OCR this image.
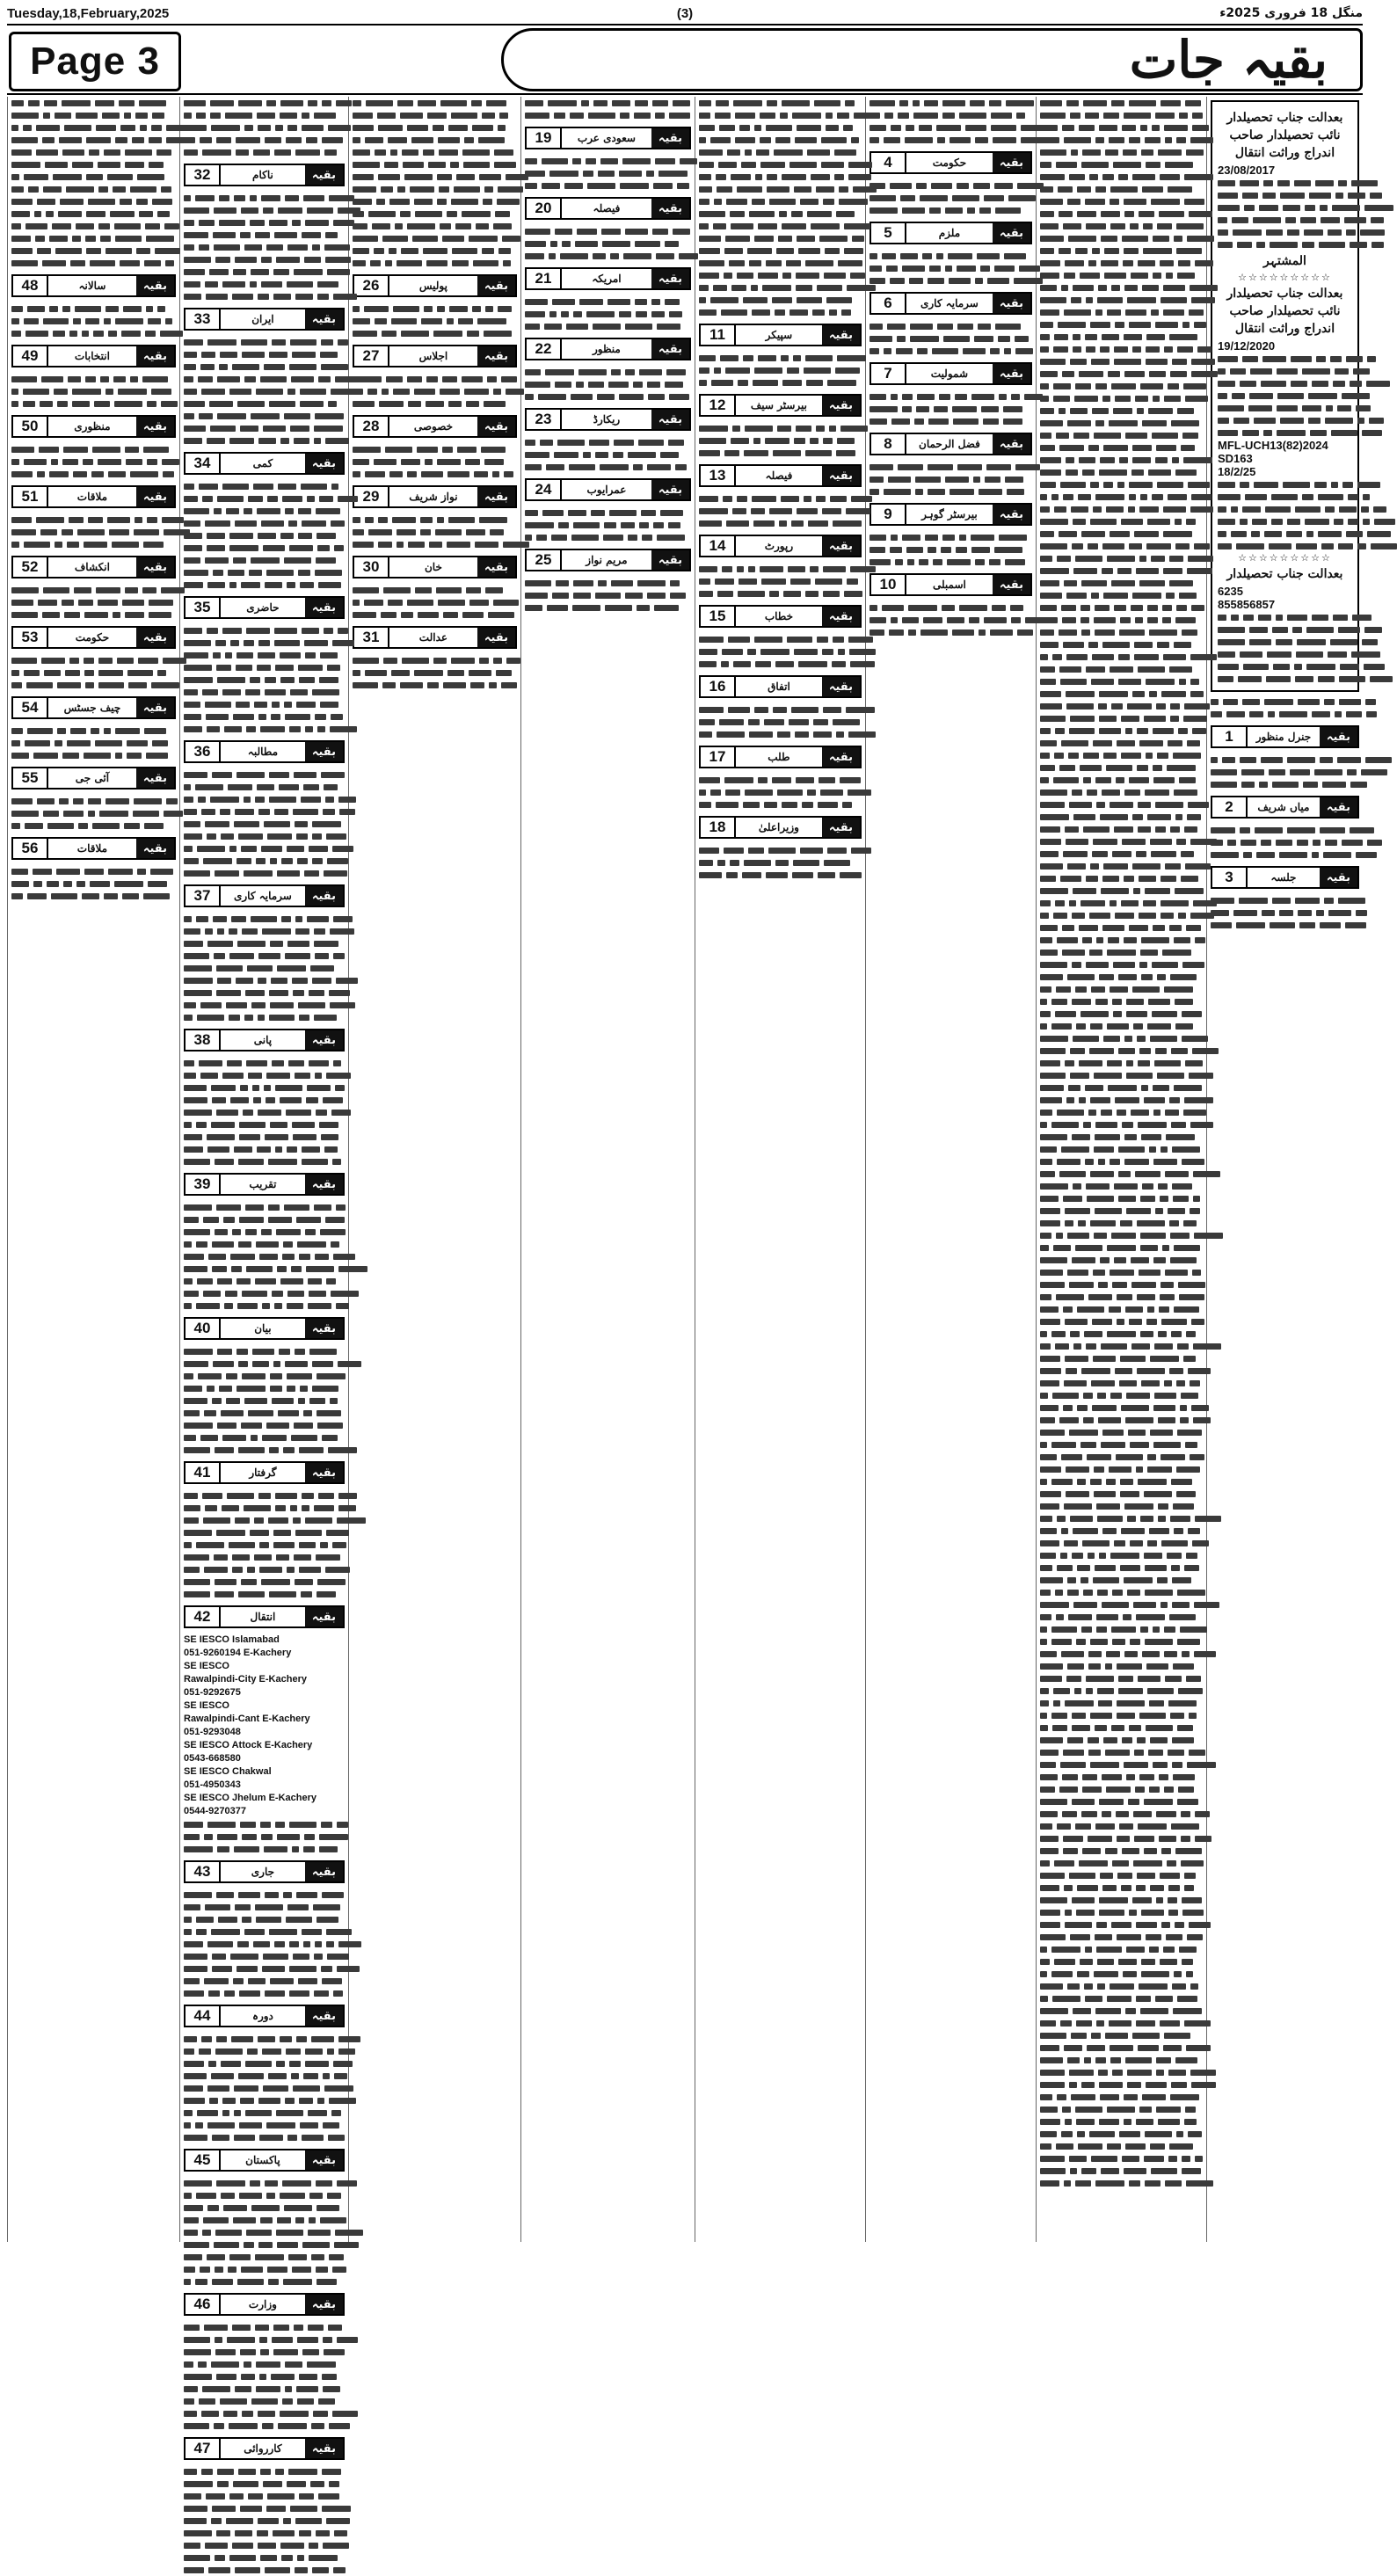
Tuesday,18,February,2025	(3)	منگل 18 فروری 2025ء
Page 3	بقیہ جات
بعدالت جناب تحصیلدار
نائب تحصیلدار صاحب
اندراج وراثت انتقال
23/08/2017
المشتہر
☆☆☆☆☆☆☆☆☆
بعدالت جناب تحصیلدار
نائب تحصیلدار صاحب
اندراج وراثت انتقال
19/12/2020
MFL-UCH13(82)2024
SD163
18/2/25
☆☆☆☆☆☆☆☆☆
بعدالت جناب تحصیلدار
6235
855856857
بقیہ
جنرل منظور
1
بقیہ
میاں شریف
2
بقیہ
جلسہ
3
بقیہ
حکومت
4
بقیہ
ملزم
5
بقیہ
سرمایہ کاری
6
بقیہ
شمولیت
7
بقیہ
فضل الرحمان
8
بقیہ
بیرسٹر گوہر
9
بقیہ
اسمبلی
10
بقیہ
سپیکر
11
بقیہ
بیرسٹر سیف
12
بقیہ
فیصلہ
13
بقیہ
رپورٹ
14
بقیہ
خطاب
15
بقیہ
اتفاق
16
بقیہ
طلب
17
بقیہ
وزیراعلیٰ
18
بقیہ
سعودی عرب
19
بقیہ
فیصلہ
20
بقیہ
امریکہ
21
بقیہ
منظور
22
بقیہ
ریکارڈ
23
بقیہ
عمرایوب
24
بقیہ
مریم نواز
25
بقیہ
پولیس
26
بقیہ
اجلاس
27
بقیہ
خصوصی
28
بقیہ
نواز شریف
29
بقیہ
خان
30
بقیہ
عدالت
31
بقیہ
ناکام
32
بقیہ
ایران
33
بقیہ
کمی
34
بقیہ
حاضری
35
بقیہ
مطالبہ
36
بقیہ
سرمایہ کاری
37
بقیہ
پانی
38
بقیہ
تقریب
39
بقیہ
بیان
40
بقیہ
گرفتار
41
بقیہ
انتقال
42
SE IESCO Islamabad
051-9260194 E-Kachery
SE IESCO
Rawalpindi-City E-Kachery
051-9292675
SE IESCO
Rawalpindi-Cant E-Kachery
051-9293048
SE IESCO Attock E-Kachery
0543-668580
SE IESCO Chakwal
051-4950343
SE IESCO Jhelum E-Kachery
0544-9270377
بقیہ
جاری
43
بقیہ
دورہ
44
بقیہ
پاکستان
45
بقیہ
وزارت
46
بقیہ
کارروائی
47
بقیہ
سالانہ
48
بقیہ
انتخابات
49
بقیہ
منظوری
50
بقیہ
ملاقات
51
بقیہ
انکشاف
52
بقیہ
حکومت
53
بقیہ
چیف جسٹس
54
بقیہ
آئی جی
55
بقیہ
ملاقات
56
